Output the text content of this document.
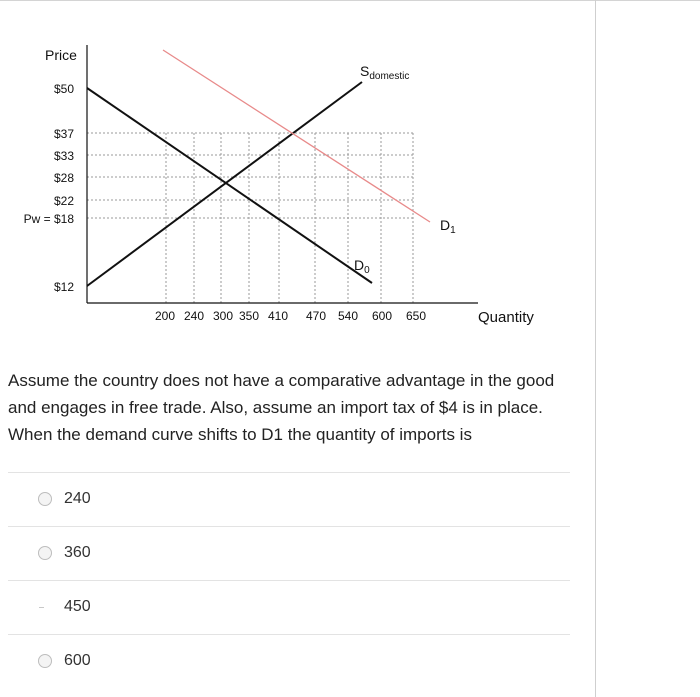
$50
$37
$33
$28
$22
Pw = $18
$12
200 240 300 350 410 470 540 600 650
Price
Quantity
$S_{domestic}$
$D_0$
$D_1$
Assume the country does not have a comparative advantage in the good
and engages in free trade. Also, assume an import tax of $4 is in place.
When the demand curve shifts to D1 the quantity of imports is
240
360
450
600
